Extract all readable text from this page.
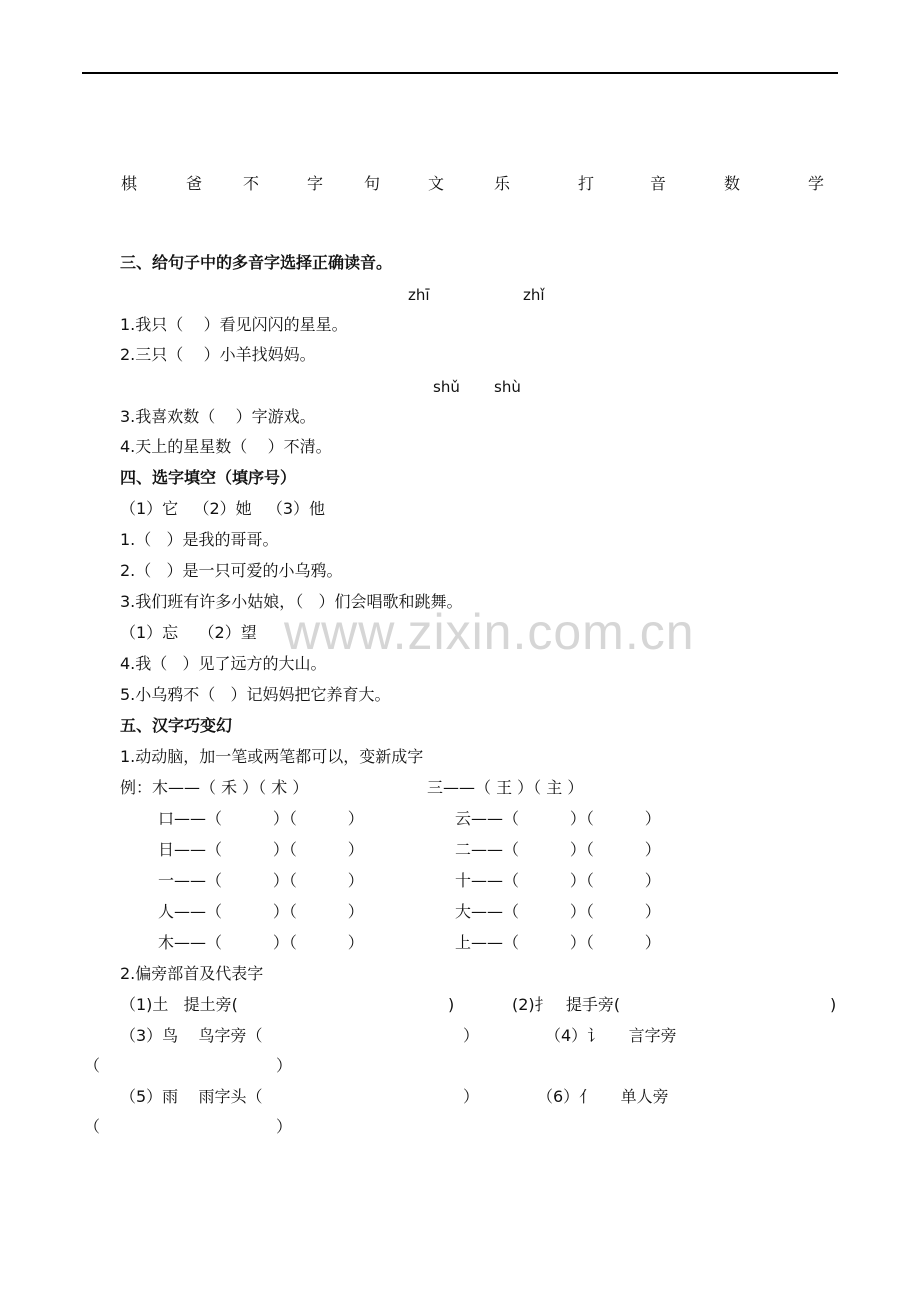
棋	爸	不	字	句	文	乐	打	音	数	学
三、给句子中的多音字选择正确读音。
zhī	zhǐ
1.我只（    ）看见闪闪的星星。
2.三只（    ）小羊找妈妈。
shǔ shù
3.我喜欢数（    ）字游戏。
4.天上的星星数（    ）不清。
四、选字填空（填序号）
（1）它   （2）她   （3）他
1.（   ）是我的哥哥。
2.（   ）是一只可爱的小乌鸦。
3.我们班有许多小姑娘，（   ）们会唱歌和跳舞。
（1）忘    （2）望
4.我（   ）见了远方的大山。
5.小乌鸦不（   ）记妈妈把它养育大。
五、汉字巧变幻
1.动动脑，加一笔或两笔都可以，变新成字
例：木——（ 禾 ）（ 术 ）	三——（ 王 ）（ 主 ）
口——（          ）（          ）	云——（          ）（          ）
日——（          ）（          ）	二——（          ）（          ）
一——（          ）（          ）	十——（          ）（          ）
人——（          ）（          ）	大——（          ）（          ）
木——（          ）（          ）	上——（          ）（          ）
2.偏旁部首及代表字
（1)土   提土旁(	)	(2)扌   提手旁(	)
（3）鸟    鸟字旁（	）	（4）讠     言字旁
（	）
（5）雨    雨字头（	）	（6）亻     单人旁
（	）
www.zixin.com.cn
